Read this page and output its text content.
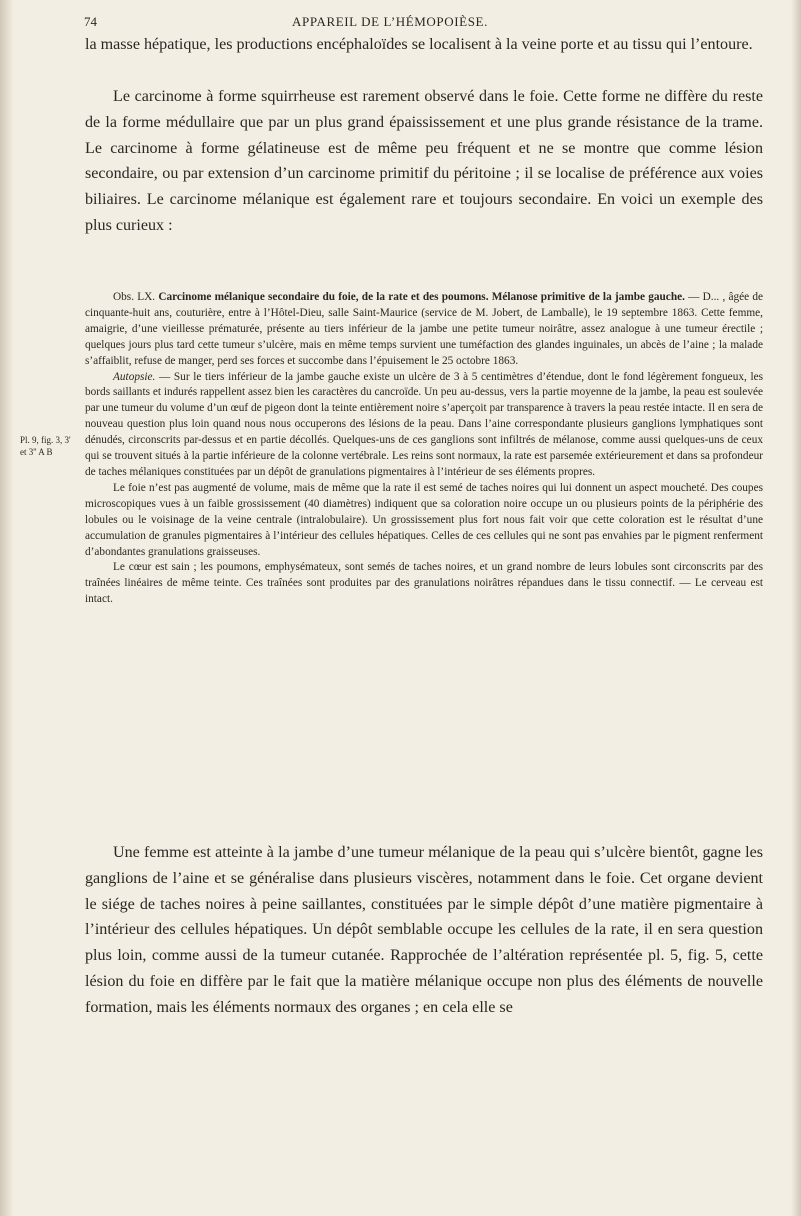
74	APPAREIL DE L’HÉMOPOIÈSE.

la masse hépatique, les productions encéphaloïdes se localisent à la veine porte et au tissu qui l’entoure.

Le carcinome à forme squirrheuse est rarement observé dans le foie. Cette forme ne diffère du reste de la forme médullaire que par un plus grand épaississement et une plus grande résistance de la trame. Le carcinome à forme gélatineuse est de même peu fréquent et ne se montre que comme lésion secondaire, ou par extension d’un carcinome primitif du péritoine ; il se localise de préférence aux voies biliaires. Le carcinome mélanique est également rare et toujours secondaire. En voici un exemple des plus curieux :

Pl. 9, fig. 3, 3'
et 3'' A B

Obs. LX. Carcinome mélanique secondaire du foie, de la rate et des poumons. Mélanose primitive de la jambe gauche. — D... , âgée de cinquante-huit ans, couturière, entre à l’Hôtel-Dieu, salle Saint-Maurice (service de M. Jobert, de Lamballe), le 19 septembre 1863. Cette femme, amaigrie, d’une vieillesse prématurée, présente au tiers inférieur de la jambe une petite tumeur noirâtre, assez analogue à une tumeur érectile ; quelques jours plus tard cette tumeur s’ulcère, mais en même temps survient une tuméfaction des glandes inguinales, un abcès de l’aine ; la malade s’affaiblit, refuse de manger, perd ses forces et succombe dans l’épuisement le 25 octobre 1863.

Autopsie. — Sur le tiers inférieur de la jambe gauche existe un ulcère de 3 à 5 centimètres d’étendue, dont le fond légèrement fongueux, les bords saillants et indurés rappellent assez bien les caractères du cancroïde. Un peu au-dessus, vers la partie moyenne de la jambe, la peau est soulevée par une tumeur du volume d’un œuf de pigeon dont la teinte entièrement noire s’aperçoit par transparence à travers la peau restée intacte. Il en sera de nouveau question plus loin quand nous nous occuperons des lésions de la peau. Dans l’aine correspondante plusieurs ganglions lymphatiques sont dénudés, circonscrits par-dessus et en partie décollés. Quelques-uns de ces ganglions sont infiltrés de mélanose, comme aussi quelques-uns de ceux qui se trouvent situés à la partie inférieure de la colonne vertébrale. Les reins sont normaux, la rate est parsemée extérieurement et dans sa profondeur de taches mélaniques constituées par un dépôt de granulations pigmentaires à l’intérieur de ses éléments propres.

Le foie n’est pas augmenté de volume, mais de même que la rate il est semé de taches noires qui lui donnent un aspect moucheté. Des coupes microscopiques vues à un faible grossissement (40 diamètres) indiquent que sa coloration noire occupe un ou plusieurs points de la périphérie des lobules ou le voisinage de la veine centrale (intralobulaire). Un grossissement plus fort nous fait voir que cette coloration est le résultat d’une accumulation de granules pigmentaires à l’intérieur des cellules hépatiques. Celles de ces cellules qui ne sont pas envahies par le pigment renferment d’abondantes granulations graisseuses.

Le cœur est sain ; les poumons, emphysémateux, sont semés de taches noires, et un grand nombre de leurs lobules sont circonscrits par des traînées linéaires de même teinte. Ces traînées sont produites par des granulations noirâtres répandues dans le tissu connectif. — Le cerveau est intact.

Une femme est atteinte à la jambe d’une tumeur mélanique de la peau qui s’ulcère bientôt, gagne les ganglions de l’aine et se généralise dans plusieurs viscères, notamment dans le foie. Cet organe devient le siége de taches noires à peine saillantes, constituées par le simple dépôt d’une matière pigmentaire à l’intérieur des cellules hépatiques. Un dépôt semblable occupe les cellules de la rate, il en sera question plus loin, comme aussi de la tumeur cutanée. Rapprochée de l’altération représentée pl. 5, fig. 5, cette lésion du foie en diffère par le fait que la matière mélanique occupe non plus des éléments de nouvelle formation, mais les éléments normaux des organes ; en cela elle se
